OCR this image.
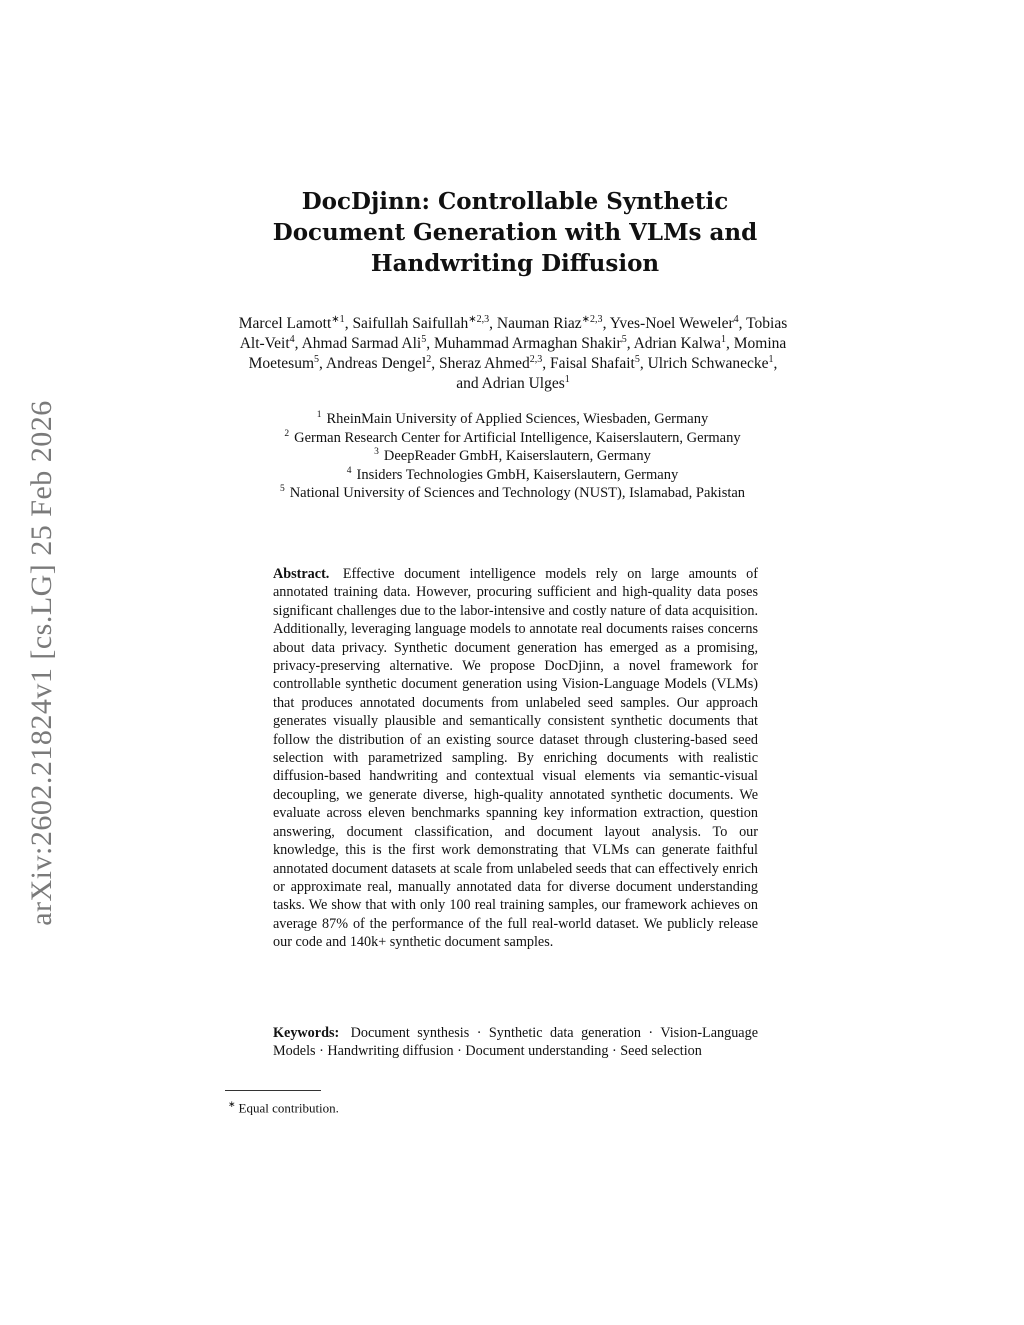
arXiv:2602.21824v1 [cs.LG] 25 Feb 2026
DocDjinn: Controllable Synthetic Document Generation with VLMs and Handwriting Diffusion
Marcel Lamott$^{∗1}$, Saifullah Saifullah$^{∗2,3}$, Nauman Riaz$^{∗2,3}$, Yves-Noel Weweler$^4$, Tobias Alt-Veit$^4$, Ahmad Sarmad Ali$^5$, Muhammad Armaghan Shakir$^5$, Adrian Kalwa$^1$, Momina Moetesum$^5$, Andreas Dengel$^2$, Sheraz Ahmed$^{2,3}$, Faisal Shafait$^5$, Ulrich Schwanecke$^1$, and Adrian Ulges$^1$
$^1$ RheinMain University of Applied Sciences, Wiesbaden, Germany
$^2$ German Research Center for Artificial Intelligence, Kaiserslautern, Germany
$^3$ DeepReader GmbH, Kaiserslautern, Germany
$^4$ Insiders Technologies GmbH, Kaiserslautern, Germany
$^5$ National University of Sciences and Technology (NUST), Islamabad, Pakistan
Abstract. Effective document intelligence models rely on large amounts of annotated training data. However, procuring sufficient and high-quality data poses significant challenges due to the labor-intensive and costly nature of data acquisition. Additionally, leveraging language models to annotate real documents raises concerns about data privacy. Synthetic document generation has emerged as a promising, privacy-preserving alternative. We propose DocDjinn, a novel framework for controllable synthetic document generation using Vision-Language Models (VLMs) that produces annotated documents from unlabeled seed samples. Our approach generates visually plausible and semantically consistent synthetic documents that follow the distribution of an existing source dataset through clustering-based seed selection with parametrized sampling. By enriching documents with realistic diffusion-based handwriting and contextual visual elements via semantic-visual decoupling, we generate diverse, high-quality annotated synthetic documents. We evaluate across eleven benchmarks spanning key information extraction, question answering, document classification, and document layout analysis. To our knowledge, this is the first work demonstrating that VLMs can generate faithful annotated document datasets at scale from unlabeled seeds that can effectively enrich or approximate real, manually annotated data for diverse document understanding tasks. We show that with only 100 real training samples, our framework achieves on average 87% of the performance of the full real-world dataset. We publicly release our code and 140k+ synthetic document samples.
Keywords: Document synthesis · Synthetic data generation · Vision-Language Models · Handwriting diffusion · Document understanding · Seed selection
∗ Equal contribution.
